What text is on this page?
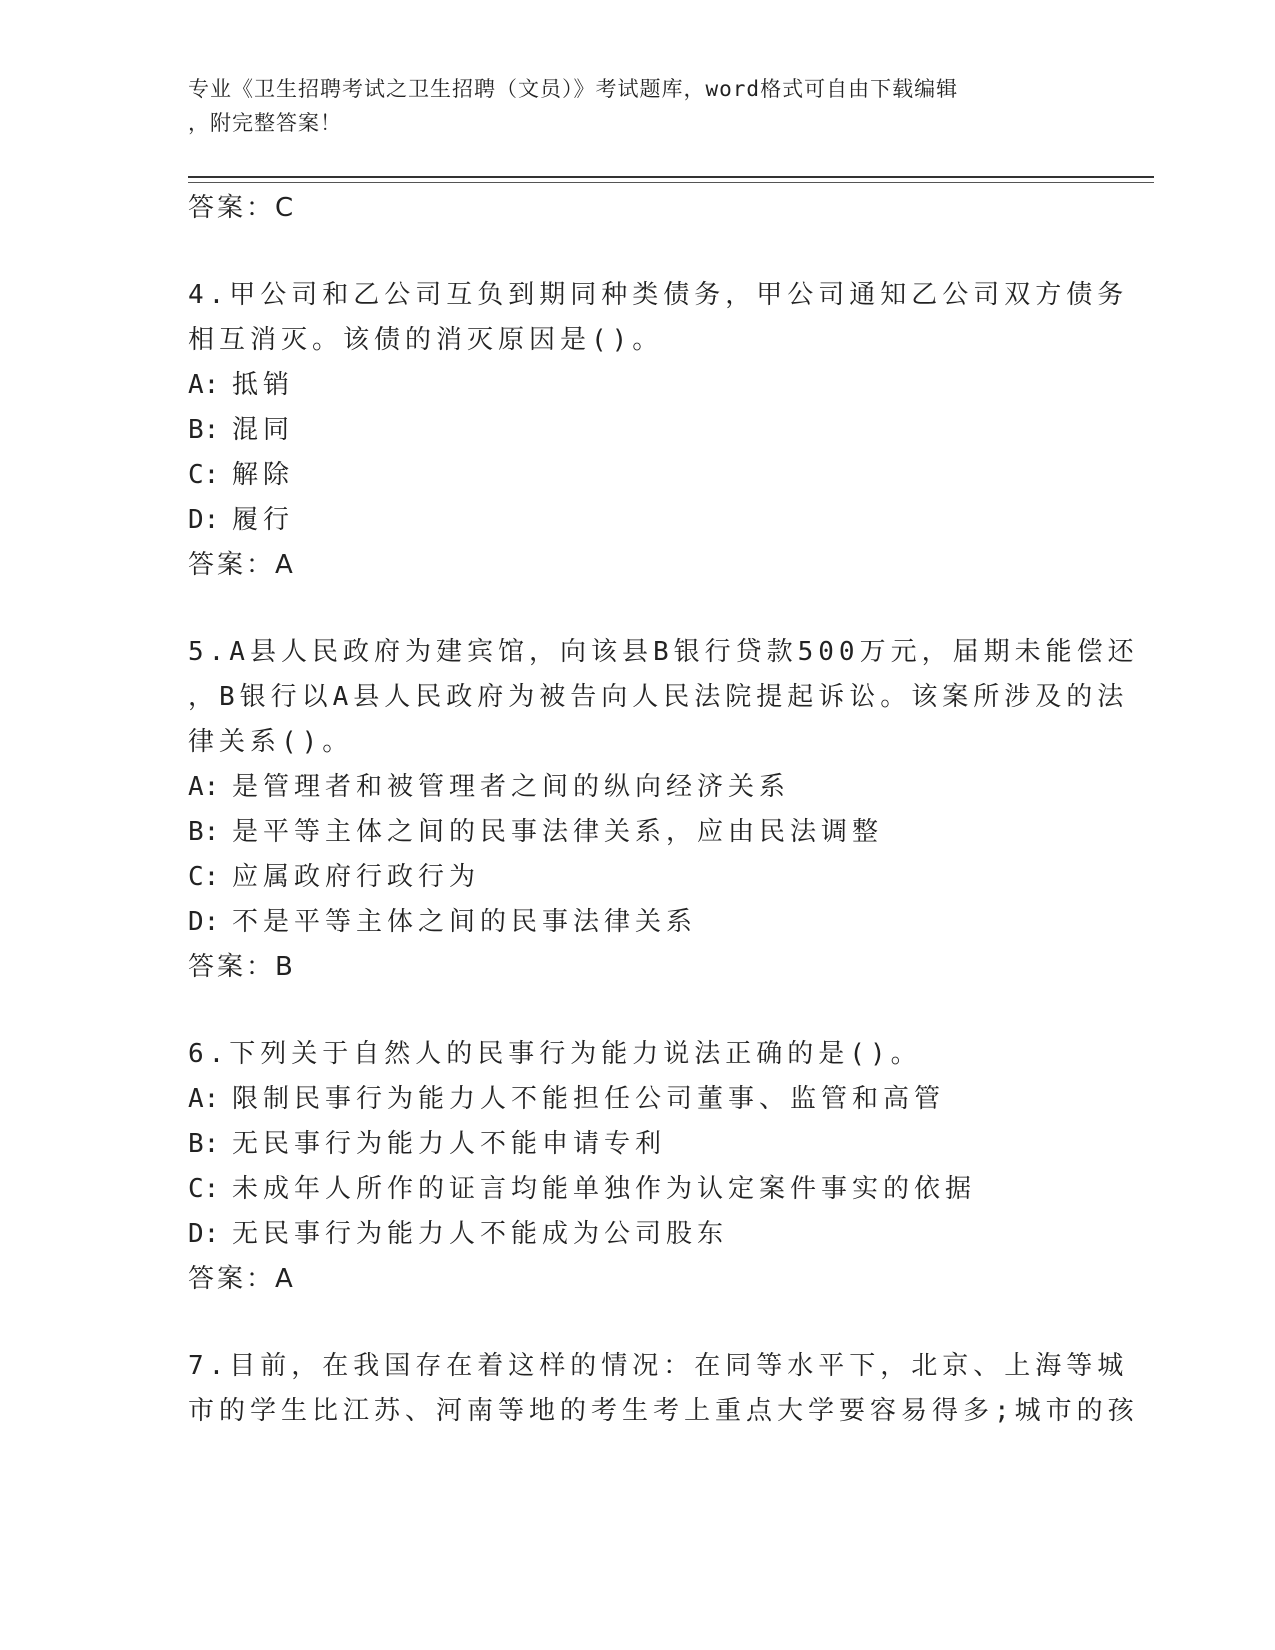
专业《卫生招聘考试之卫生招聘（文员）》考试题库，word格式可自由下载编辑
，附完整答案！
答案：C
4.甲公司和乙公司互负到期同种类债务，甲公司通知乙公司双方债务
相互消灭。该债的消灭原因是()。
A: 抵销
B: 混同
C: 解除
D: 履行
答案：A
5.A县人民政府为建宾馆，向该县B银行贷款500万元，届期未能偿还
，B银行以A县人民政府为被告向人民法院提起诉讼。该案所涉及的法
律关系()。
A: 是管理者和被管理者之间的纵向经济关系
B: 是平等主体之间的民事法律关系，应由民法调整
C: 应属政府行政行为
D: 不是平等主体之间的民事法律关系
答案：B
6.下列关于自然人的民事行为能力说法正确的是()。
A: 限制民事行为能力人不能担任公司董事、监管和高管
B: 无民事行为能力人不能申请专利
C: 未成年人所作的证言均能单独作为认定案件事实的依据
D: 无民事行为能力人不能成为公司股东
答案：A
7.目前，在我国存在着这样的情况：在同等水平下，北京、上海等城
市的学生比江苏、河南等地的考生考上重点大学要容易得多;城市的孩
